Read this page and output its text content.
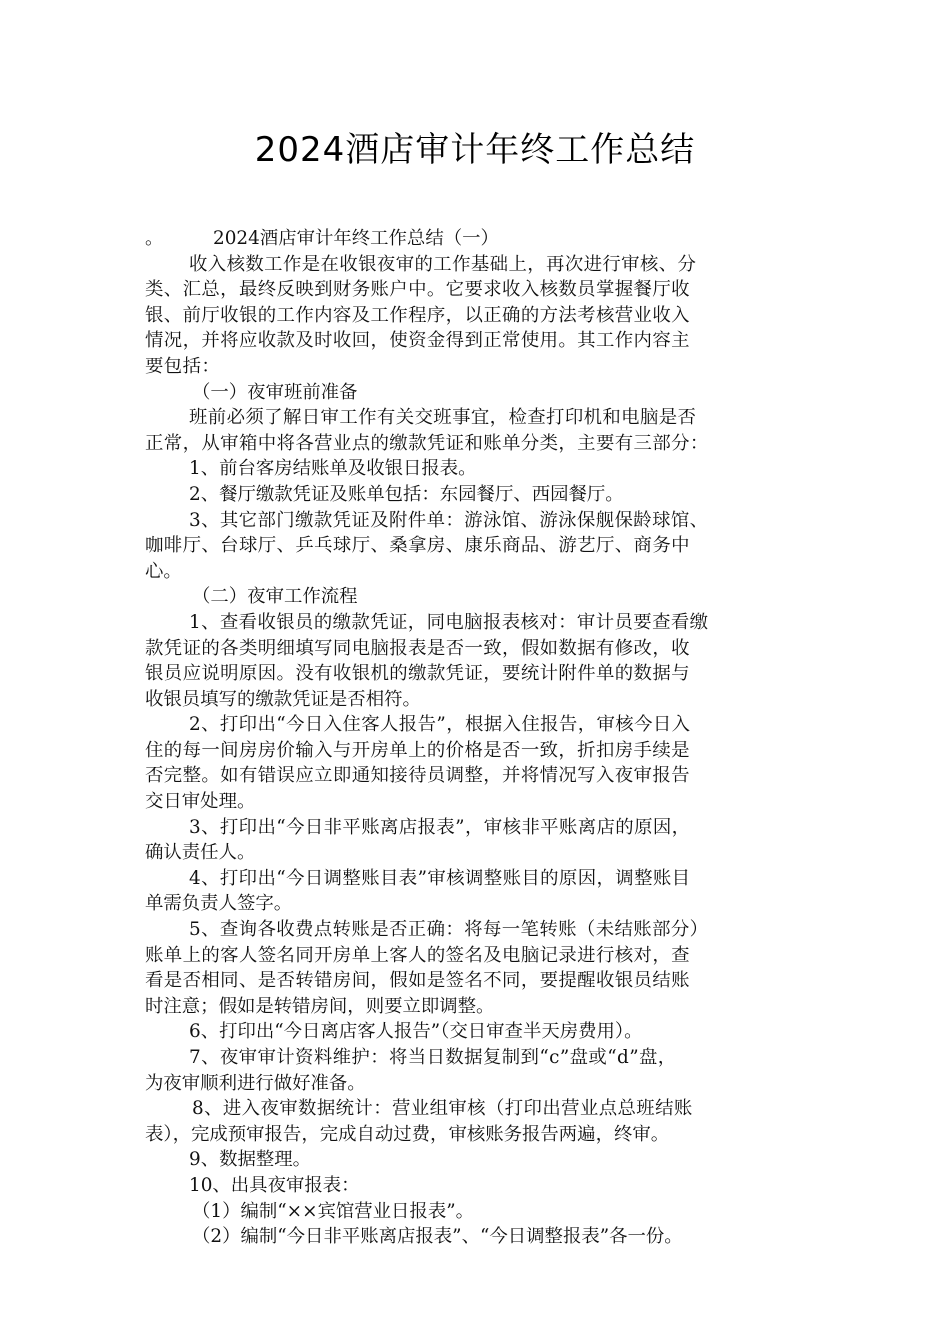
2024酒店审计年终工作总结
。	2024酒店审计年终工作总结（一）
收入核数工作是在收银夜审的工作基础上，再次进行审核、分
类、汇总，最终反映到财务账户中。它要求收入核数员掌握餐厅收
银、前厅收银的工作内容及工作程序，以正确的方法考核营业收入
情况，并将应收款及时收回，使资金得到正常使用。其工作内容主
要包括：
（一）夜审班前准备
班前必须了解日审工作有关交班事宜，检查打印机和电脑是否
正常，从审箱中将各营业点的缴款凭证和账单分类，主要有三部分：
1、前台客房结账单及收银日报表。
2、餐厅缴款凭证及账单包括：东园餐厅、西园餐厅。
3、其它部门缴款凭证及附件单：游泳馆、游泳保舰保龄球馆、
咖啡厅、台球厅、乒乓球厅、桑拿房、康乐商品、游艺厅、商务中
心。
（二）夜审工作流程
1、查看收银员的缴款凭证，同电脑报表核对：审计员要查看缴
款凭证的各类明细填写同电脑报表是否一致，假如数据有修改，收
银员应说明原因。没有收银机的缴款凭证，要统计附件单的数据与
收银员填写的缴款凭证是否相符。
2、打印出“今日入住客人报告”，根据入住报告，审核今日入
住的每一间房房价输入与开房单上的价格是否一致，折扣房手续是
否完整。如有错误应立即通知接待员调整，并将情况写入夜审报告
交日审处理。
3、打印出“今日非平账离店报表”，审核非平账离店的原因，
确认责任人。
4、打印出“今日调整账目表”审核调整账目的原因，调整账目
单需负责人签字。
5、查询各收费点转账是否正确：将每一笔转账（未结账部分）
账单上的客人签名同开房单上客人的签名及电脑记录进行核对，查
看是否相同、是否转错房间，假如是签名不同，要提醒收银员结账
时注意；假如是转错房间，则要立即调整。
6、打印出“今日离店客人报告”（交日审查半天房费用）。
7、夜审审计资料维护：将当日数据复制到“c”盘或“d”盘，
为夜审顺利进行做好准备。
8、进入夜审数据统计：营业组审核（打印出营业点总班结账
表），完成预审报告，完成自动过费，审核账务报告两遍，终审。
9、数据整理。
10、出具夜审报表：
（1）编制“××宾馆营业日报表”。
（2）编制“今日非平账离店报表”、“今日调整报表”各一份。
